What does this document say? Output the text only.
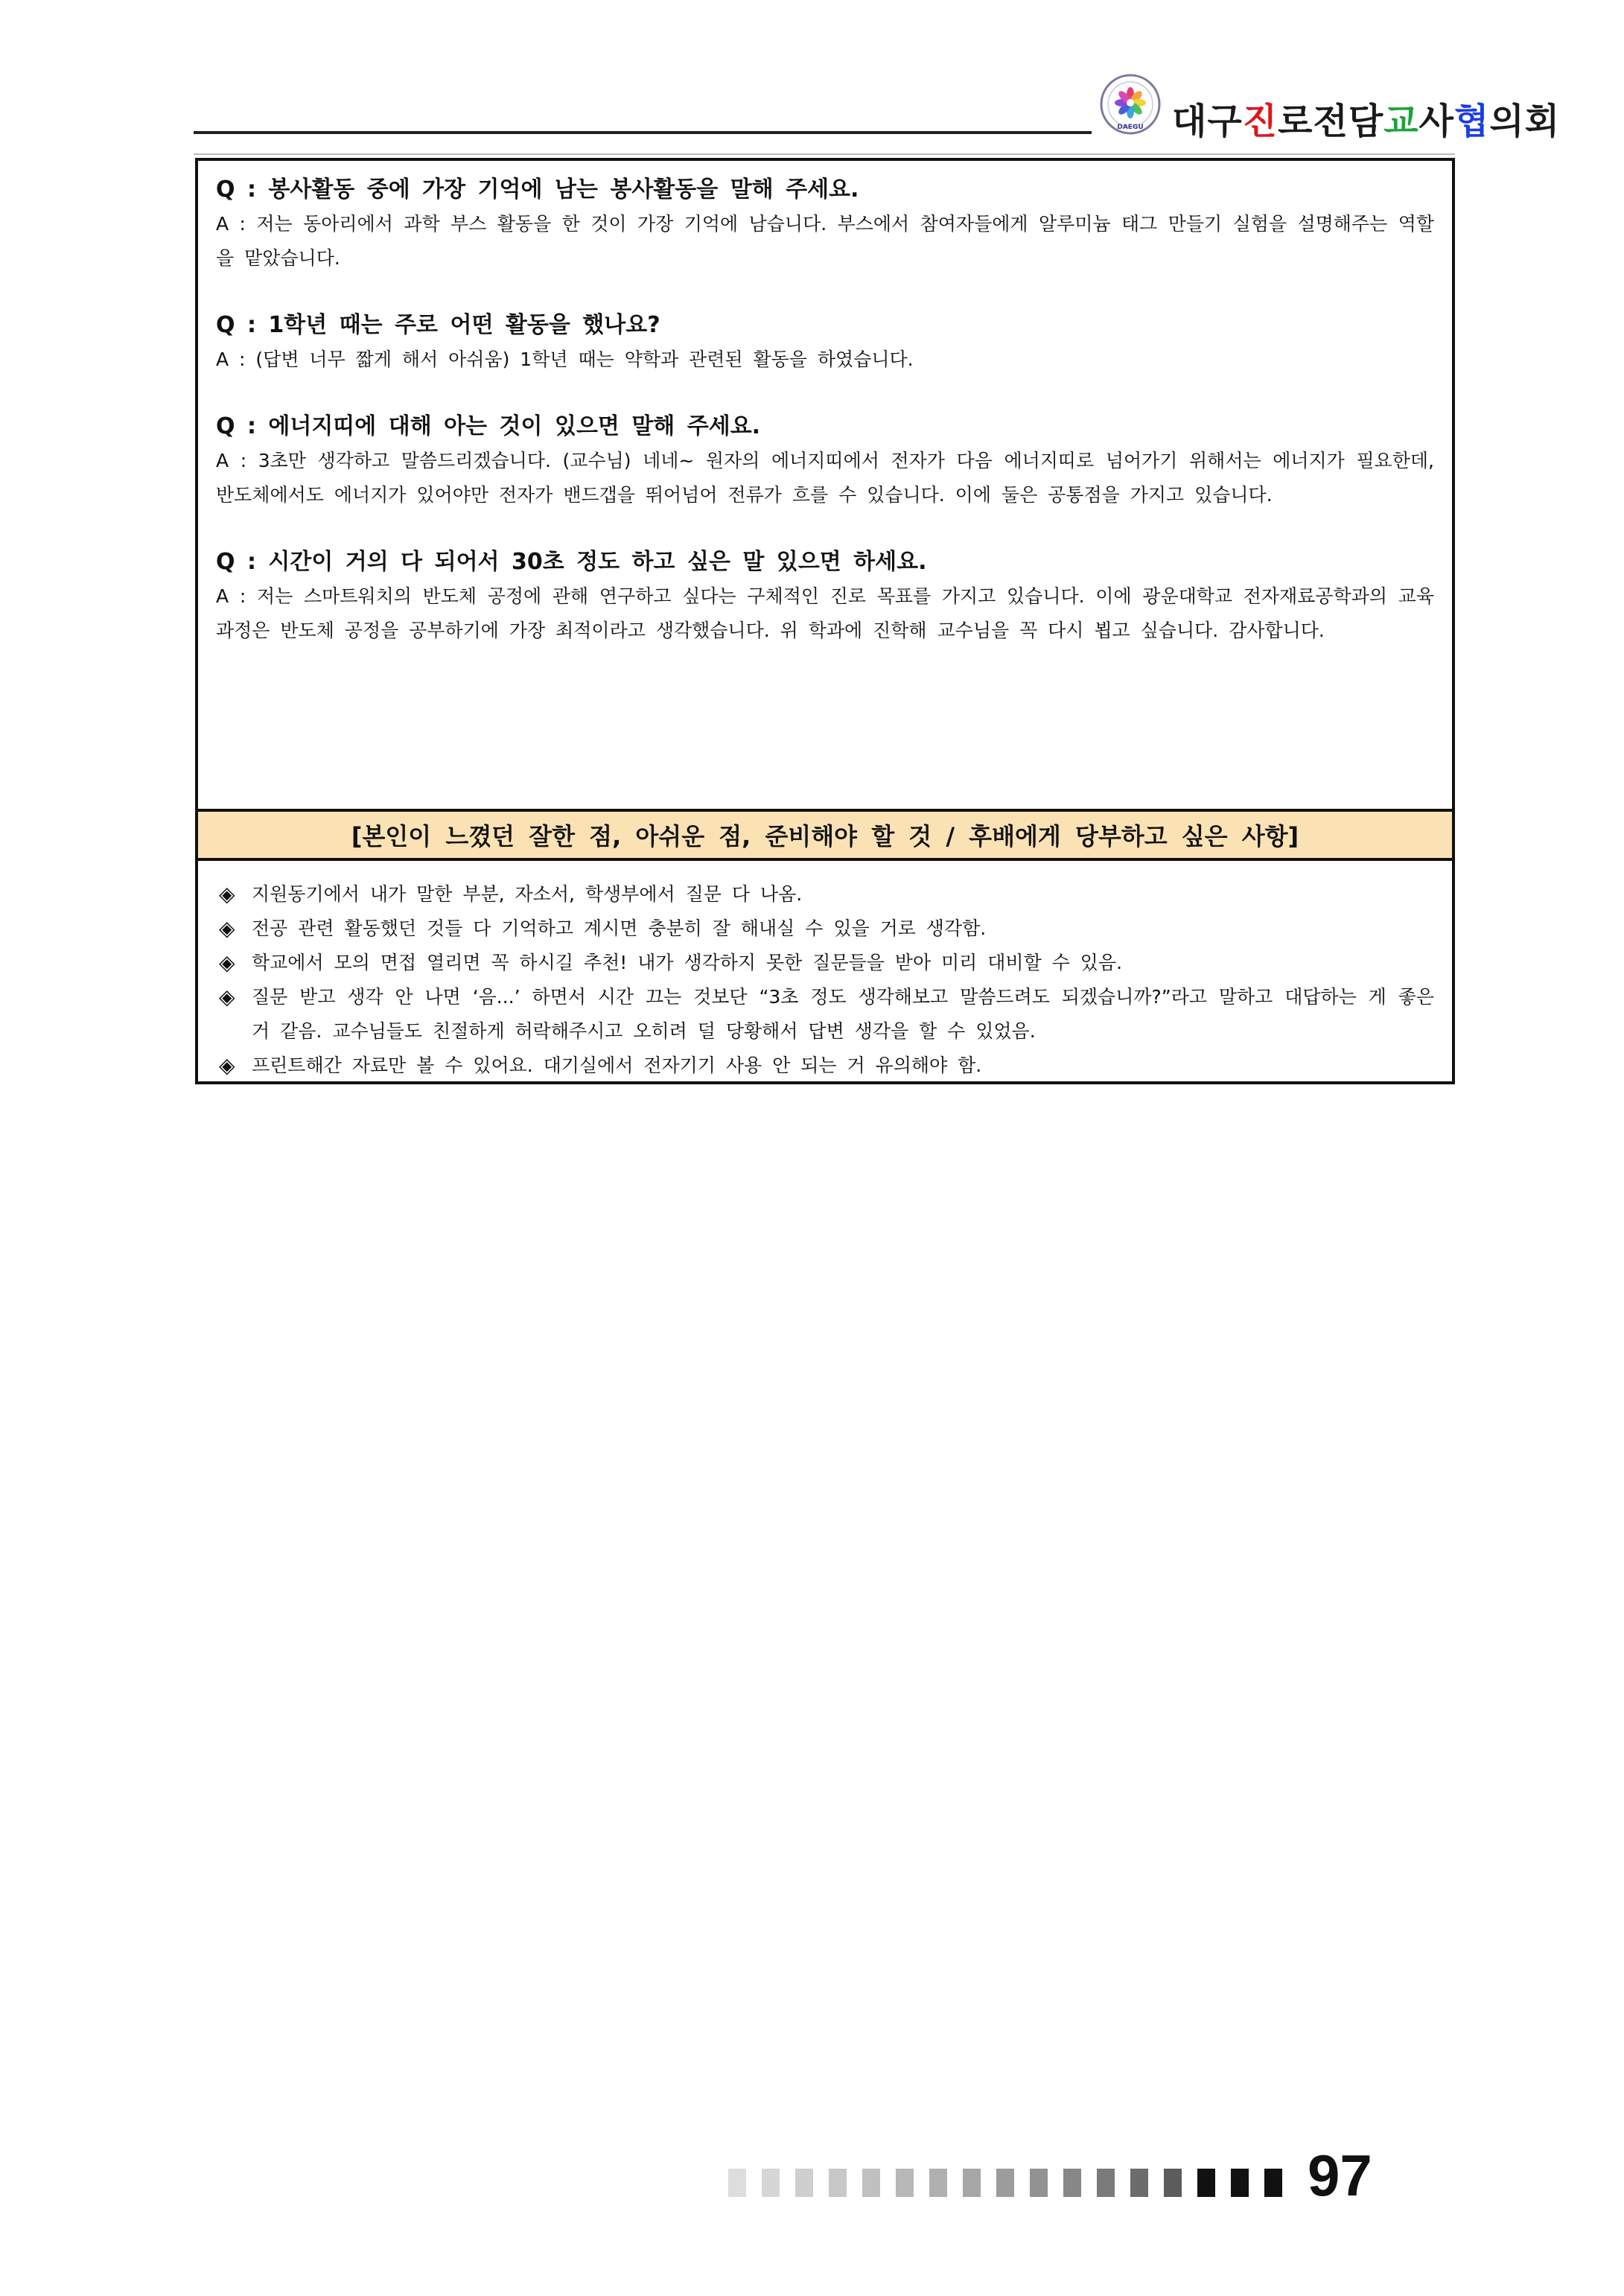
DAEGU 대구진로전담교사협의회

Q : 봉사활동 중에 가장 기억에 남는 봉사활동을 말해 주세요.

A : 저는 동아리에서 과학 부스 활동을 한 것이 가장 기억에 남습니다. 부스에서 참여자들에게 알루미늄 태그 만들기 실험을 설명해주는 역할을 맡았습니다.

Q : 1학년 때는 주로 어떤 활동을 했나요?

A : (답변 너무 짧게 해서 아쉬움) 1학년 때는 약학과 관련된 활동을 하였습니다.

Q : 에너지띠에 대해 아는 것이 있으면 말해 주세요.

A : 3초만 생각하고 말씀드리겠습니다. (교수님) 네네~ 원자의 에너지띠에서 전자가 다음 에너지띠로 넘어가기 위해서는 에너지가 필요한데, 반도체에서도 에너지가 있어야만 전자가 밴드갭을 뛰어넘어 전류가 흐를 수 있습니다. 이에 둘은 공통점을 가지고 있습니다.

Q : 시간이 거의 다 되어서 30초 정도 하고 싶은 말 있으면 하세요.

A : 저는 스마트워치의 반도체 공정에 관해 연구하고 싶다는 구체적인 진로 목표를 가지고 있습니다. 이에 광운대학교 전자재료공학과의 교육과정은 반도체 공정을 공부하기에 가장 최적이라고 생각했습니다. 위 학과에 진학해 교수님을 꼭 다시 뵙고 싶습니다. 감사합니다.

[본인이 느꼈던 잘한 점, 아쉬운 점, 준비해야 할 것 / 후배에게 당부하고 싶은 사항]
◈ 지원동기에서 내가 말한 부분, 자소서, 학생부에서 질문 다 나옴.
◈ 전공 관련 활동했던 것들 다 기억하고 계시면 충분히 잘 해내실 수 있을 거로 생각함.
◈ 학교에서 모의 면접 열리면 꼭 하시길 추천! 내가 생각하지 못한 질문들을 받아 미리 대비할 수 있음.
◈ 질문 받고 생각 안 나면 ‘음...’ 하면서 시간 끄는 것보단 “3초 정도 생각해보고 말씀드려도 되겠습니까?”라고 말하고 대답하는 게 좋은 거 같음. 교수님들도 친절하게 허락해주시고 오히려 덜 당황해서 답변 생각을 할 수 있었음.
◈ 프린트해간 자료만 볼 수 있어요. 대기실에서 전자기기 사용 안 되는 거 유의해야 함.
97
